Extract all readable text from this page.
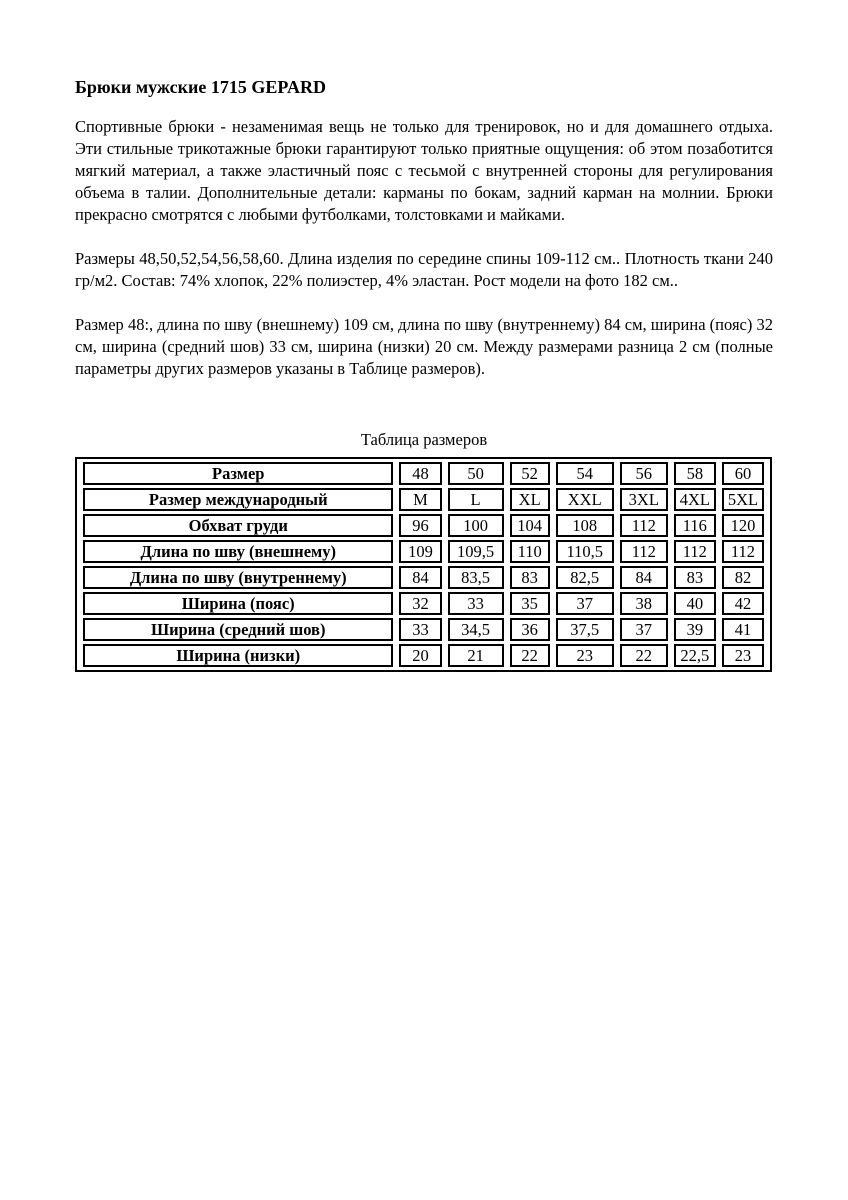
Брюки мужские 1715 GEPARD

Спортивные брюки - незаменимая вещь не только для тренировок, но и для домашнего отдыха. Эти стильные трикотажные брюки гарантируют только приятные ощущения: об этом позаботится мягкий материал, а также эластичный пояс с тесьмой с внутренней стороны для регулирования объема в талии. Дополнительные детали: карманы по бокам, задний карман на молнии. Брюки прекрасно смотрятся с любыми футболками, толстовками и майками.

Размеры 48,50,52,54,56,58,60. Длина изделия по середине спины 109-112 см.. Плотность ткани 240 гр/м2. Состав: 74% хлопок, 22% полиэстер, 4% эластан. Рост модели на фото 182 см..

Размер 48:, длина по шву (внешнему) 109 см, длина по шву (внутреннему) 84 см, ширина (пояс) 32 см, ширина (средний шов) 33 см, ширина (низки) 20 см. Между размерами разница 2 см (полные параметры других размеров указаны в Таблице размеров).

Таблица размеров
Размер	48	50	52	54	56	58	60
Размер международный	M	L	XL	XXL	3XL	4XL	5XL
Обхват груди	96	100	104	108	112	116	120
Длина по шву (внешнему)	109	109,5	110	110,5	112	112	112
Длина по шву (внутреннему)	84	83,5	83	82,5	84	83	82
Ширина (пояс)	32	33	35	37	38	40	42
Ширина (средний шов)	33	34,5	36	37,5	37	39	41
Ширина (низки)	20	21	22	23	22	22,5	23
